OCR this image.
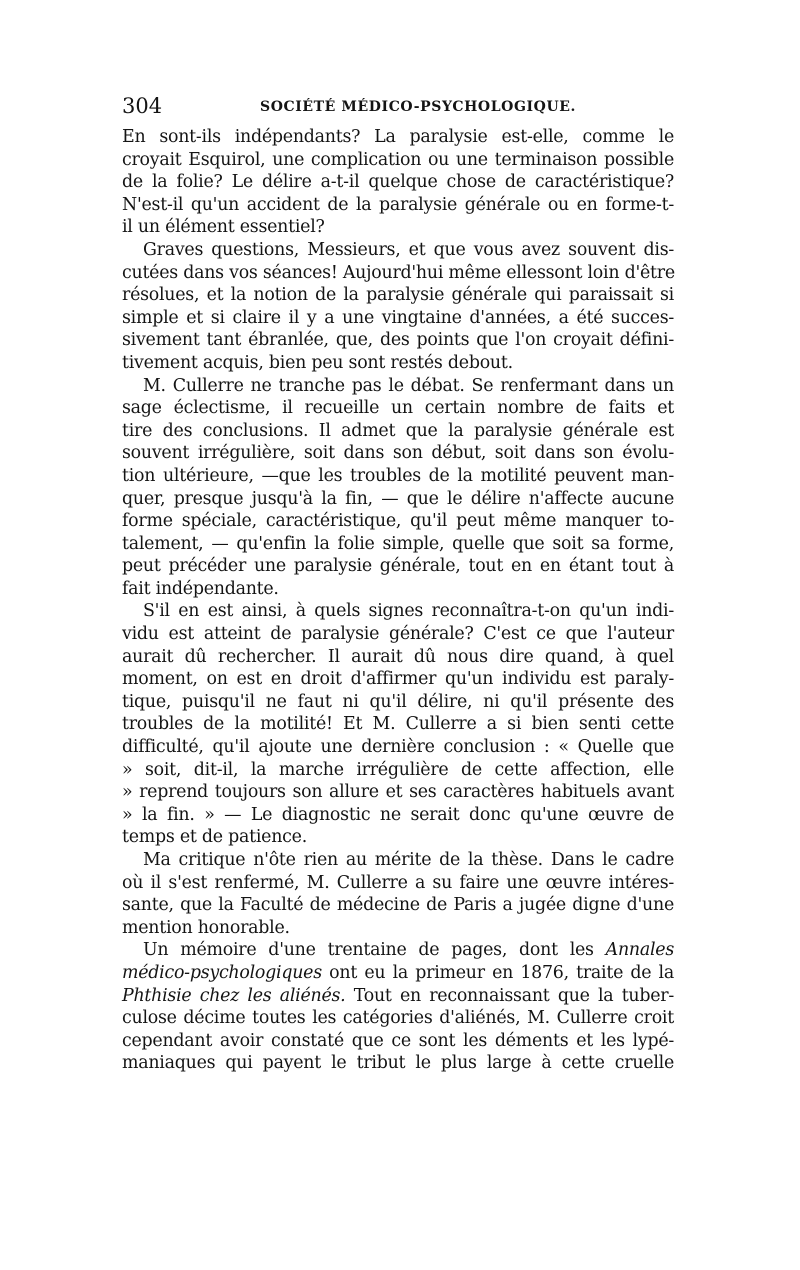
304	SOCIÉTÉ MÉDICO-PSYCHOLOGIQUE.
En sont-ils indépendants? La paralysie est-elle, comme le
croyait Esquirol, une complication ou une terminaison possible
de la folie? Le délire a-t-il quelque chose de caractéristique?
N'est-il qu'un accident de la paralysie générale ou en forme-t-
il un élément essentiel?
Graves questions, Messieurs, et que vous avez souvent dis-
cutées dans vos séances! Aujourd'hui même ellessont loin d'être
résolues, et la notion de la paralysie générale qui paraissait si
simple et si claire il y a une vingtaine d'années, a été succes-
sivement tant ébranlée, que, des points que l'on croyait défini-
tivement acquis, bien peu sont restés debout.
M. Cullerre ne tranche pas le débat. Se renfermant dans un
sage éclectisme, il recueille un certain nombre de faits et
tire des conclusions. Il admet que la paralysie générale est
souvent irrégulière, soit dans son début, soit dans son évolu-
tion ultérieure, —que les troubles de la motilité peuvent man-
quer, presque jusqu'à la fin, — que le délire n'affecte aucune
forme spéciale, caractéristique, qu'il peut même manquer to-
talement, — qu'enfin la folie simple, quelle que soit sa forme,
peut précéder une paralysie générale, tout en en étant tout à
fait indépendante.
S'il en est ainsi, à quels signes reconnaîtra-t-on qu'un indi-
vidu est atteint de paralysie générale? C'est ce que l'auteur
aurait dû rechercher. Il aurait dû nous dire quand, à quel
moment, on est en droit d'affirmer qu'un individu est paraly-
tique, puisqu'il ne faut ni qu'il délire, ni qu'il présente des
troubles de la motilité! Et M. Cullerre a si bien senti cette
difficulté, qu'il ajoute une dernière conclusion : « Quelle que
» soit, dit-il, la marche irrégulière de cette affection, elle
» reprend toujours son allure et ses caractères habituels avant
» la fin. » — Le diagnostic ne serait donc qu'une œuvre de
temps et de patience.
Ma critique n'ôte rien au mérite de la thèse. Dans le cadre
où il s'est renfermé, M. Cullerre a su faire une œuvre intéres-
sante, que la Faculté de médecine de Paris a jugée digne d'une
mention honorable.
Un mémoire d'une trentaine de pages, dont les Annales
médico-psychologiques ont eu la primeur en 1876, traite de la
Phthisie chez les aliénés. Tout en reconnaissant que la tuber-
culose décime toutes les catégories d'aliénés, M. Cullerre croit
cependant avoir constaté que ce sont les déments et les lypé-
maniaques qui payent le tribut le plus large à cette cruelle
